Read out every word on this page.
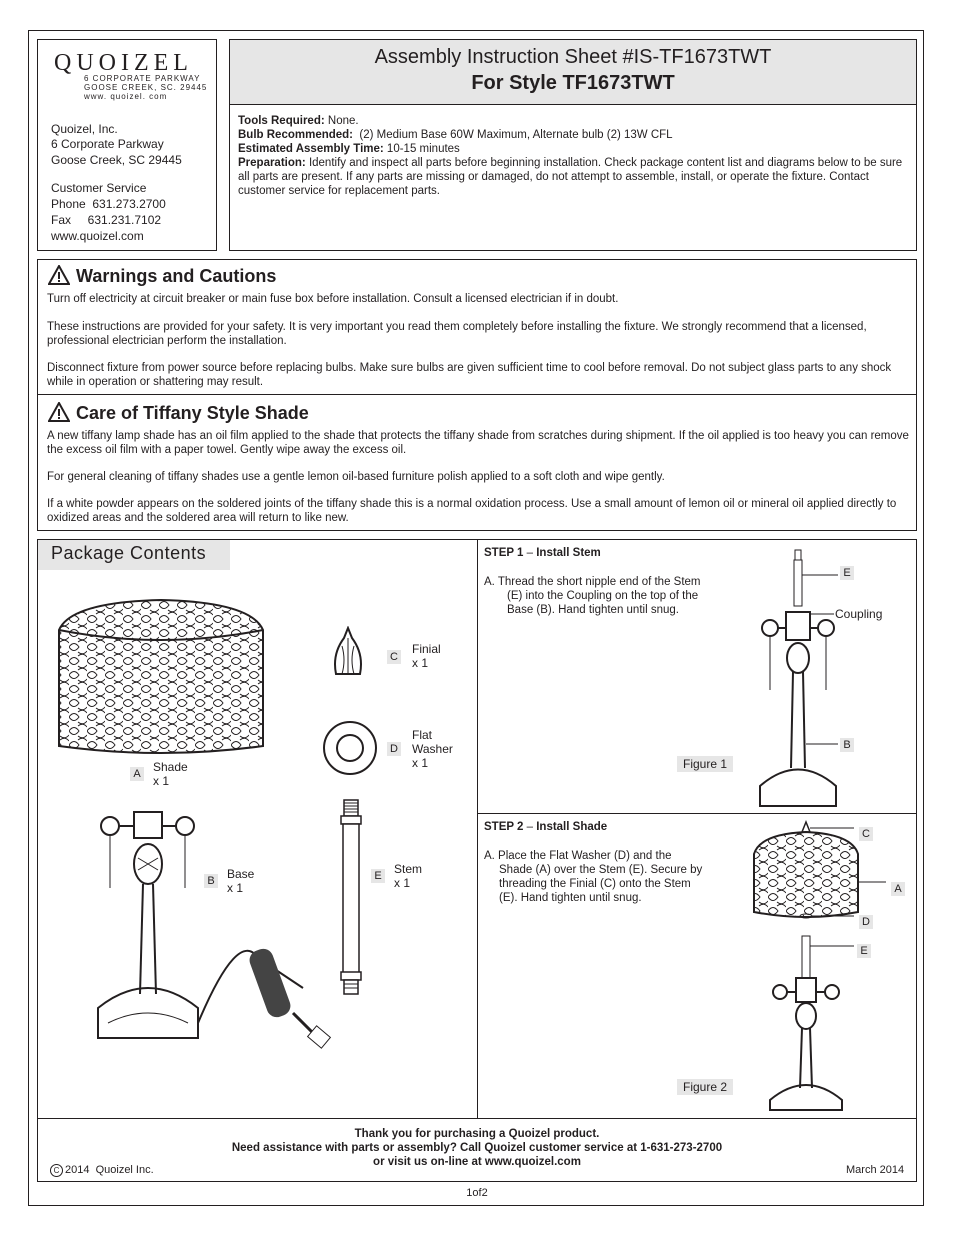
QUOIZEL
6 CORPORATE PARKWAY
GOOSE CREEK, SC. 29445
www. quoizel. com
Quoizel, Inc.
6 Corporate Parkway
Goose Creek, SC 29445
Customer Service
Phone  631.273.2700
Fax     631.231.7102
www.quoizel.com
Assembly Instruction Sheet #IS-TF1673TWT
For Style TF1673TWT
Tools Required: None.
Bulb Recommended:  (2) Medium Base 60W Maximum, Alternate bulb (2) 13W CFL
Estimated Assembly Time: 10-15 minutes
Preparation: Identify and inspect all parts before beginning installation. Check package content list and diagrams below to be sure all parts are present. If any parts are missing or damaged, do not attempt to assemble, install, or operate the fixture. Contact customer service for replacement parts.
Warnings and Cautions
Turn off electricity at circuit breaker or main fuse box before installation. Consult a licensed electrician if in doubt.
These instructions are provided for your safety. It is very important you read them completely before installing the fixture. We strongly recommend that a licensed, professional electrician perform the installation.
Disconnect fixture from power source before replacing bulbs. Make sure bulbs are given sufficient time to cool before removal. Do not subject glass parts to any shock while in operation or shattering may result.
Care of Tiffany Style Shade
A new tiffany lamp shade has an oil film applied to the shade that protects the tiffany shade from scratches during shipment. If the oil applied is too heavy you can remove the excess oil film with a paper towel. Gently wipe away the excess oil.
For general cleaning of tiffany shades use a gentle lemon oil-based furniture polish applied to a soft cloth and wipe gently.
If a white powder appears on the soldered joints of the tiffany shade this is a normal oxidation process. Use a small amount of lemon oil or mineral oil applied directly to oxidized areas and the soldered area will return to like new.
Package Contents
A Shade
x 1
B Base
x 1
C
Finial
x 1
D
Flat
Washer
x 1
E Stem
x 1
STEP 1 – Install Stem
A. Thread the short nipple end of the Stem
(E) into the Coupling on the top of the
Base (B). Hand tighten until snug.
E
Coupling
B
Figure 1
STEP 2 – Install Shade
A. Place the Flat Washer (D) and the
Shade (A) over the Stem (E). Secure by
threading the Finial (C) onto the Stem
(E). Hand tighten until snug.
C
A
D
E
Figure 2
Thank you for purchasing a Quoizel product.
Need assistance with parts or assembly? Call Quoizel customer service at 1-631-273-2700
or visit us on-line at www.quoizel.com
C 2014  Quoizel Inc.	March 2014
1of2
